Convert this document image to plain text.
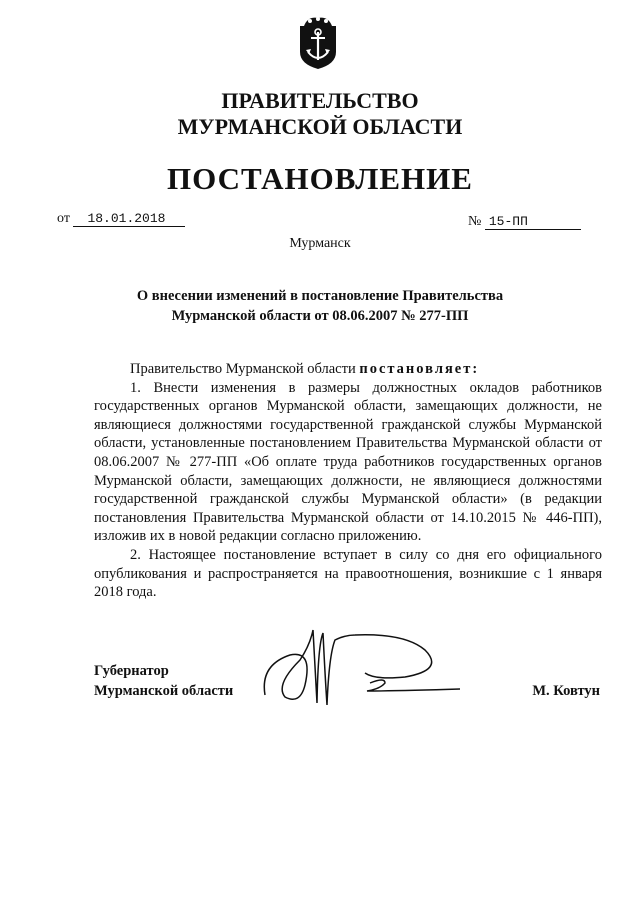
ПРАВИТЕЛЬСТВО
МУРМАНСКОЙ ОБЛАСТИ
ПОСТАНОВЛЕНИЕ
от 18.01.2018	№ 15-ПП
Мурманск
О внесении изменений в постановление Правительства
Мурманской области от 08.06.2007 № 277-ПП

Правительство Мурманской области постановляет:

1. Внести изменения в размеры должностных окладов работников государственных органов Мурманской области, замещающих должности, не являющиеся должностями государственной гражданской службы Мурманской области, установленные постановлением Правительства Мурманской области от 08.06.2007 № 277-ПП «Об оплате труда работников государственных органов Мурманской области, замещающих должности, не являющиеся должностями государственной гражданской службы Мурманской области» (в редакции постановления Правительства Мурманской области от 14.10.2015 № 446-ПП), изложив их в новой редакции согласно приложению.

2. Настоящее постановление вступает в силу со дня его официального опубликования и распространяется на правоотношения, возникшие с 1 января 2018 года.

Губернатор
Мурманской области	М. Ковтун
